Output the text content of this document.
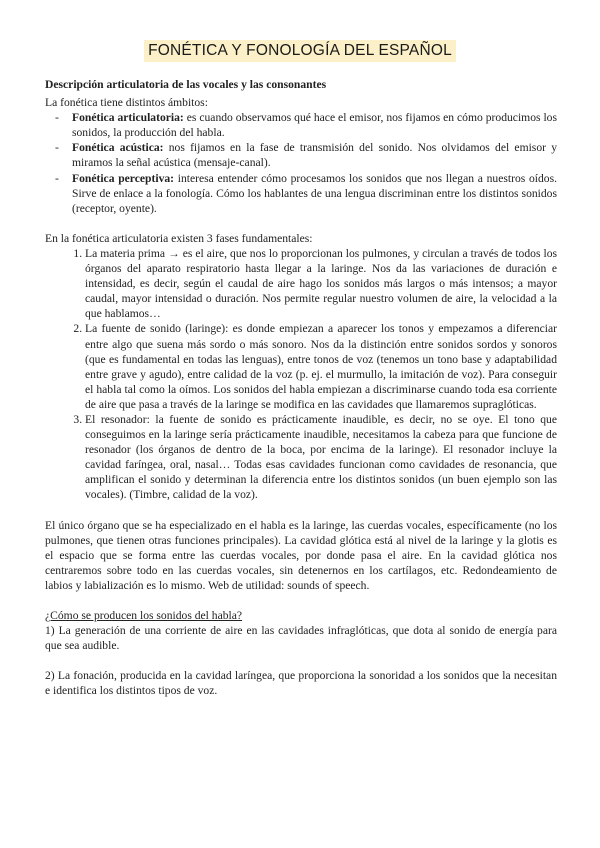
FONÉTICA Y FONOLOGÍA DEL ESPAÑOL

Descripción articulatoria de las vocales y las consonantes

La fonética tiene distintos ámbitos:

- Fonética articulatoria: es cuando observamos qué hace el emisor, nos fijamos en cómo producimos los sonidos, la producción del habla.
- Fonética acústica: nos fijamos en la fase de transmisión del sonido. Nos olvidamos del emisor y miramos la señal acústica (mensaje-canal).
- Fonética perceptiva: interesa entender cómo procesamos los sonidos que nos llegan a nuestros oídos. Sirve de enlace a la fonología. Cómo los hablantes de una lengua discriminan entre los distintos sonidos (receptor, oyente).

En la fonética articulatoria existen 3 fases fundamentales:

1. La materia prima → es el aire, que nos lo proporcionan los pulmones, y circulan a través de todos los órganos del aparato respiratorio hasta llegar a la laringe. Nos da las variaciones de duración e intensidad, es decir, según el caudal de aire hago los sonidos más largos o más intensos; a mayor caudal, mayor intensidad o duración. Nos permite regular nuestro volumen de aire, la velocidad a la que hablamos…
2. La fuente de sonido (laringe): es donde empiezan a aparecer los tonos y empezamos a diferenciar entre algo que suena más sordo o más sonoro. Nos da la distinción entre sonidos sordos y sonoros (que es fundamental en todas las lenguas), entre tonos de voz (tenemos un tono base y adaptabilidad entre grave y agudo), entre calidad de la voz (p. ej. el murmullo, la imitación de voz). Para conseguir el habla tal como la oímos. Los sonidos del habla empiezan a discriminarse cuando toda esa corriente de aire que pasa a través de la laringe se modifica en las cavidades que llamaremos supraglóticas.
3. El resonador: la fuente de sonido es prácticamente inaudible, es decir, no se oye. El tono que conseguimos en la laringe sería prácticamente inaudible, necesitamos la cabeza para que funcione de resonador (los órganos de dentro de la boca, por encima de la laringe). El resonador incluye la cavidad faríngea, oral, nasal… Todas esas cavidades funcionan como cavidades de resonancia, que amplifican el sonido y determinan la diferencia entre los distintos sonidos (un buen ejemplo son las vocales). (Timbre, calidad de la voz).

El único órgano que se ha especializado en el habla es la laringe, las cuerdas vocales, específicamente (no los pulmones, que tienen otras funciones principales). La cavidad glótica está al nivel de la laringe y la glotis es el espacio que se forma entre las cuerdas vocales, por donde pasa el aire. En la cavidad glótica nos centraremos sobre todo en las cuerdas vocales, sin detenernos en los cartílagos, etc. Redondeamiento de labios y labialización es lo mismo. Web de utilidad: sounds of speech.

¿Cómo se producen los sonidos del habla?

1) La generación de una corriente de aire en las cavidades infraglóticas, que dota al sonido de energía para que sea audible.

2) La fonación, producida en la cavidad laríngea, que proporciona la sonoridad a los sonidos que la necesitan e identifica los distintos tipos de voz.
